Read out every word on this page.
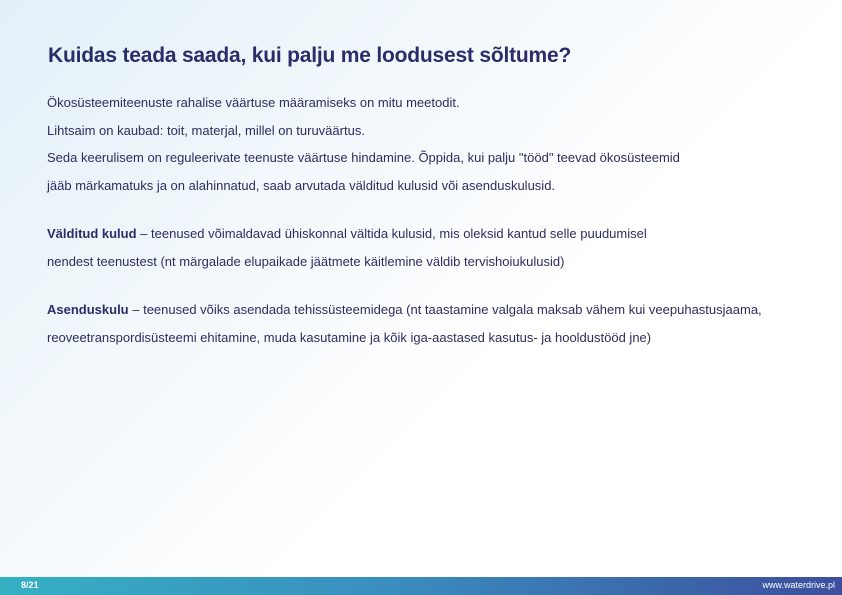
Kuidas teada saada, kui palju me loodusest sõltume?
Ökosüsteemiteenuste rahalise väärtuse määramiseks on mitu meetodit.
Lihtsaim on kaubad: toit, materjal, millel on turuväärtus.
Seda keerulisem on reguleerivate teenuste väärtuse hindamine. Õppida, kui palju "tööd" teevad ökosüsteemid
jääb märkamatuks ja on alahinnatud, saab arvutada välditud kulusid või asenduskulusid.
Välditud kulud – teenused võimaldavad ühiskonnal vältida kulusid, mis oleksid kantud selle puudumisel
nendest teenustest (nt märgalade elupaikade jäätmete käitlemine väldib tervishoiukulusid)
Asenduskulu – teenused võiks asendada tehissüsteemidega (nt taastamine valgala maksab vähem kui veepuhastusjaama,
reoveetranspordisüsteemi ehitamine, muda kasutamine ja kõik iga-aastased kasutus- ja hooldustööd jne)
8/21	www.waterdrive.pl
